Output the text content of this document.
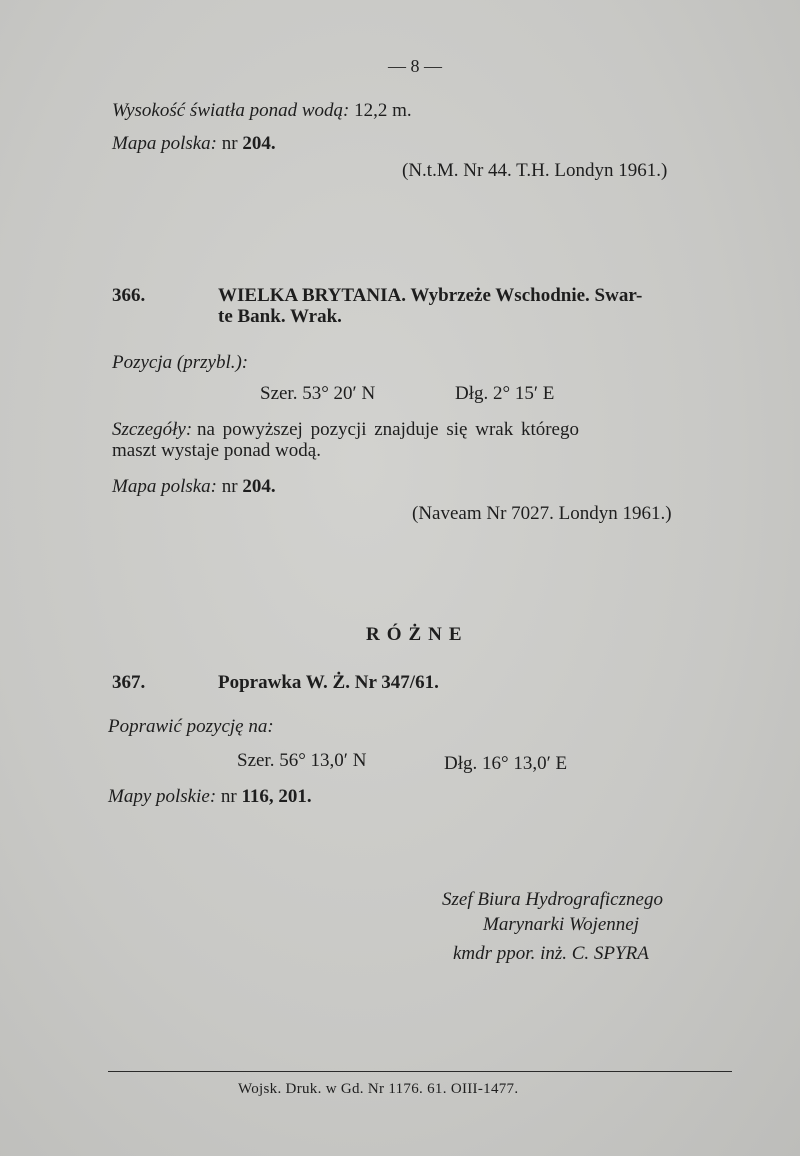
— 8 —
Wysokość światła ponad wodą: 12,2 m.
Mapa polska: nr 204.
(N.t.M. Nr 44. T.H. Londyn 1961.)
366.	WIELKA BRYTANIA. Wybrzeże Wschodnie. Swar-
te Bank. Wrak.
Pozycja (przybl.):
Szer. 53° 20′ N	Dłg. 2° 15′ E
Szczegóły: na powyższej pozycji znajduje się wrak którego
maszt wystaje ponad wodą.
Mapa polska: nr 204.
(Naveam Nr 7027. Londyn 1961.)
RÓŻNE
367.	Poprawka W. Ż. Nr 347/61.
Poprawić pozycję na:
Szer. 56° 13,0′ N	Dłg. 16° 13,0′ E
Mapy polskie: nr 116, 201.
Szef Biura Hydrograficznego
Marynarki Wojennej
kmdr ppor. inż. C. SPYRA
Wojsk. Druk. w Gd. Nr 1176. 61. OIII-1477.
